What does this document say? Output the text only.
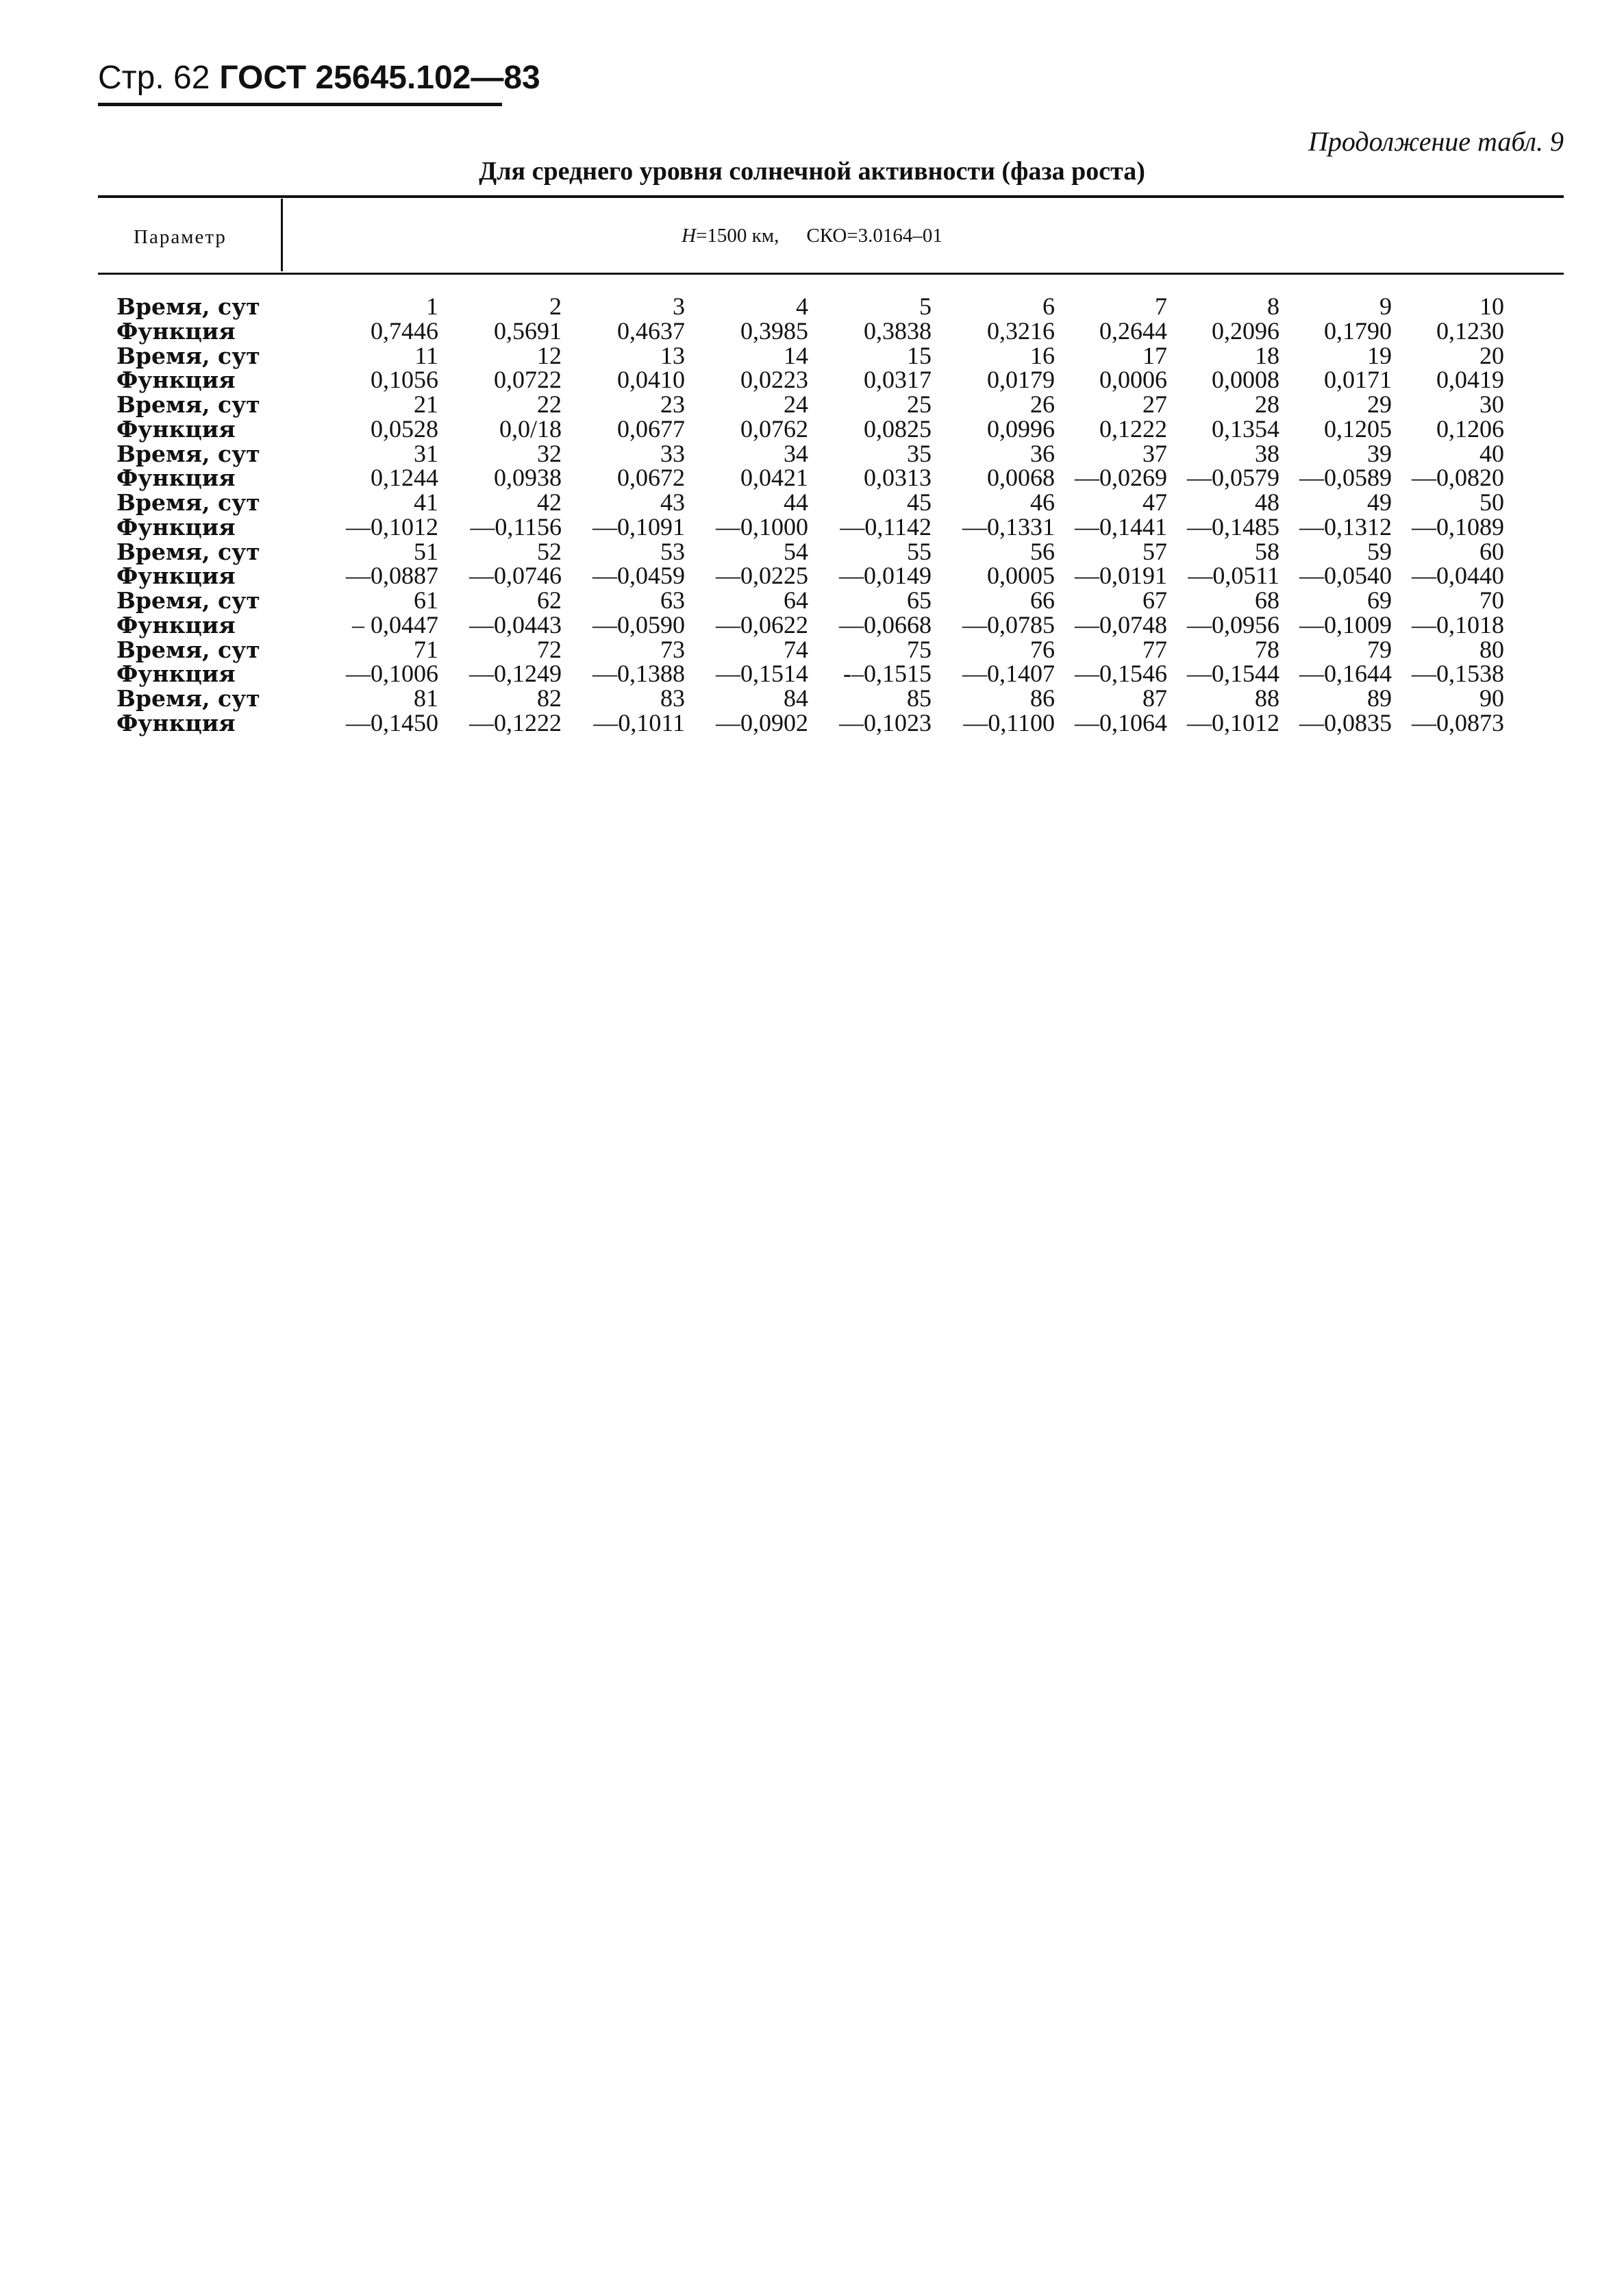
Стр. 62 ГОСТ 25645.102—83
Продолжение табл. 9
Для среднего уровня солнечной активности (фаза роста)
Параметр	H=1500 км, СКО=3.0164–01
Время, сут	1	2	3	4	5	6	7	8	9	10
Функция	0,7446	0,5691	0,4637	0,3985	0,3838	0,3216	0,2644	0,2096	0,1790	0,1230
Время, сут	11	12	13	14	15	16	17	18	19	20
Функция	0,1056	0,0722	0,0410	0,0223	0,0317	0,0179	0,0006	0,0008	0,0171	0,0419
Время, сут	21	22	23	24	25	26	27	28	29	30
Функция	0,0528	0,0/18	0,0677	0,0762	0,0825	0,0996	0,1222	0,1354	0,1205	0,1206
Время, сут	31	32	33	34	35	36	37	38	39	40
Функция	0,1244	0,0938	0,0672	0,0421	0,0313	0,0068	—0,0269	—0,0579	—0,0589	—0,0820
Время, сут	41	42	43	44	45	46	47	48	49	50
Функция	—0,1012	—0,1156	—0,1091	—0,1000	—0,1142	—0,1331	—0,1441	—0,1485	—0,1312	—0,1089
Время, сут	51	52	53	54	55	56	57	58	59	60
Функция	—0,0887	—0,0746	—0,0459	—0,0225	—0,0149	0,0005	—0,0191	—0,0511	—0,0540	—0,0440
Время, сут	61	62	63	64	65	66	67	68	69	70
Функция	– 0,0447	—0,0443	—0,0590	—0,0622	—0,0668	—0,0785	—0,0748	—0,0956	—0,1009	—0,1018
Время, сут	71	72	73	74	75	76	77	78	79	80
Функция	—0,1006	—0,1249	—0,1388	—0,1514	-–0,1515	—0,1407	—0,1546	—0,1544	—0,1644	—0,1538
Время, сут	81	82	83	84	85	86	87	88	89	90
Функция	—0,1450	—0,1222	—0,1011	—0,0902	—0,1023	—0,1100	—0,1064	—0,1012	—0,0835	—0,0873
